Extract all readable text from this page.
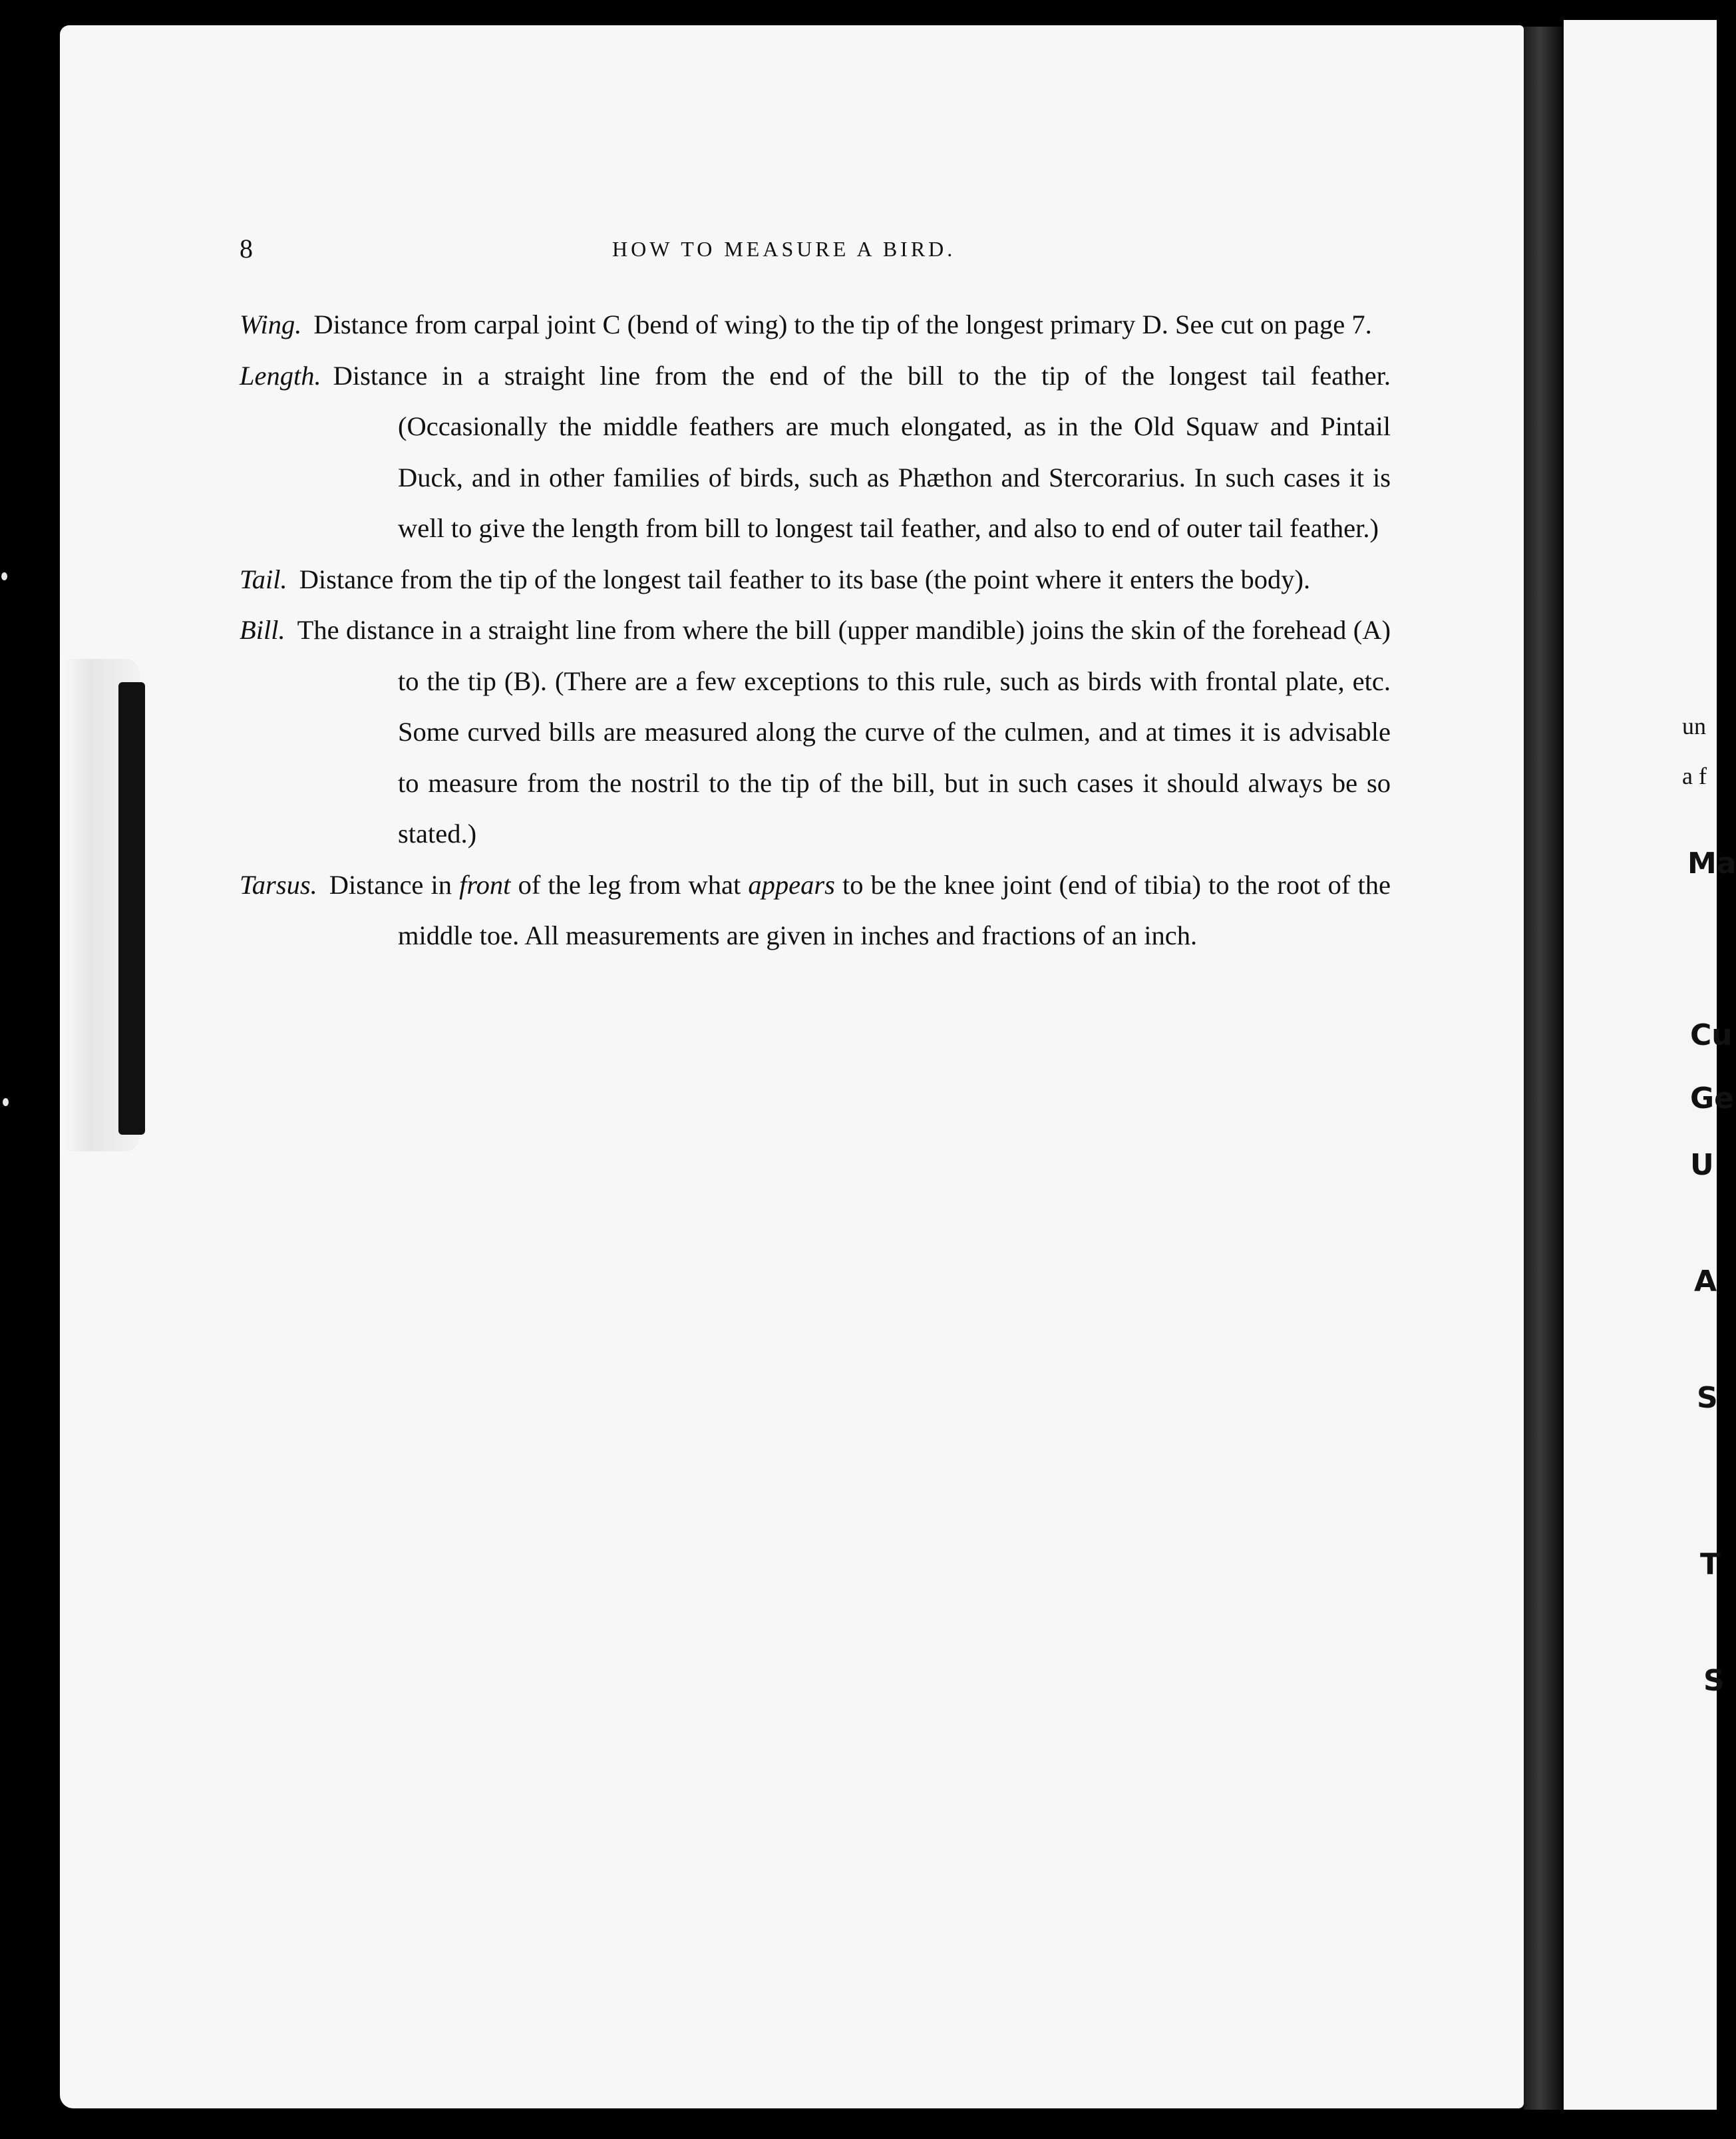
8	HOW TO MEASURE A BIRD.

Wing. Distance from carpal joint C (bend of wing) to the tip of the longest primary D. See cut on page 7.

Length. Distance in a straight line from the end of the bill to the tip of the longest tail feather. (Occasionally the middle feathers are much elongated, as in the Old Squaw and Pintail Duck, and in other families of birds, such as Phæthon and Stercorarius. In such cases it is well to give the length from bill to longest tail feather, and also to end of outer tail feather.)

Tail. Distance from the tip of the longest tail feather to its base (the point where it enters the body).

Bill. The distance in a straight line from where the bill (upper mandible) joins the skin of the forehead (A) to the tip (B). (There are a few exceptions to this rule, such as birds with frontal plate, etc. Some curved bills are measured along the curve of the culmen, and at times it is advisable to measure from the nostril to the tip of the bill, but in such cases it should always be so stated.)

Tarsus. Distance in front of the leg from what appears to be the knee joint (end of tibia) to the root of the middle toe. All measurements are given in inches and fractions of an inch.

un
a f
Ma
Cu
Ge
U
A
S
T
S
